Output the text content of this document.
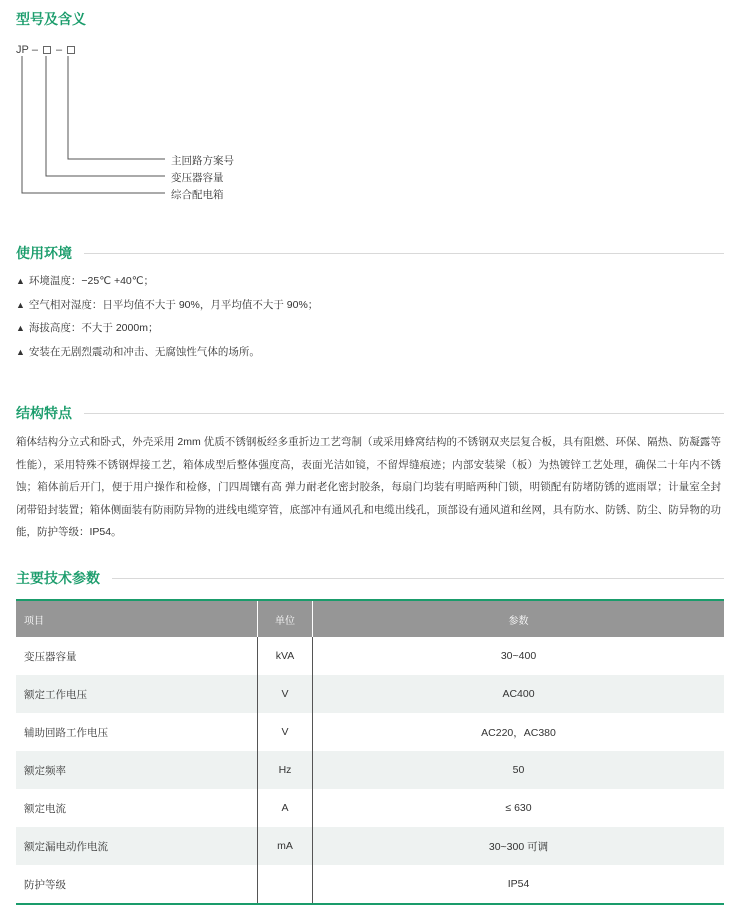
型号及含义
JP – –
主回路方案号
变压器容量
综合配电箱
使用环境
▲ 环境温度：−25℃ +40℃；
▲ 空气相对湿度：日平均值不大于 90%，月平均值不大于 90%；
▲ 海拔高度：不大于 2000m；
▲ 安装在无剧烈震动和冲击、无腐蚀性气体的场所。
结构特点
箱体结构分立式和卧式，外壳采用 2mm 优质不锈钢板经多重折边工艺弯制（或采用蜂窝结构的不锈钢双夹层复合板，具有阻燃、环保、隔热、防凝露等性能），采用特殊不锈钢焊接工艺，箱体成型后整体强度高，表面光洁如镜，不留焊缝痕迹；内部安装梁（板）为热镀锌工艺处理，确保二十年内不锈蚀；箱体前后开门，便于用户操作和检修，门四周镶有高 弹力耐老化密封胶条，每扇门均装有明暗两种门锁，明锁配有防堵防锈的遮雨罩；计量室全封闭带铅封装置；箱体侧面装有防雨防异物的进线电缆穿管，底部冲有通风孔和电缆出线孔，顶部设有通风道和丝网，具有防水、防锈、防尘、防异物的功能，防护等级：IP54。
主要技术参数
项目	单位	参数
变压器容量	kVA	30~400
额定工作电压	V	AC400
辅助回路工作电压	V	AC220，AC380
额定频率	Hz	50
额定电流	A	≤ 630
额定漏电动作电流	mA	30~300 可调
防护等级		IP54
